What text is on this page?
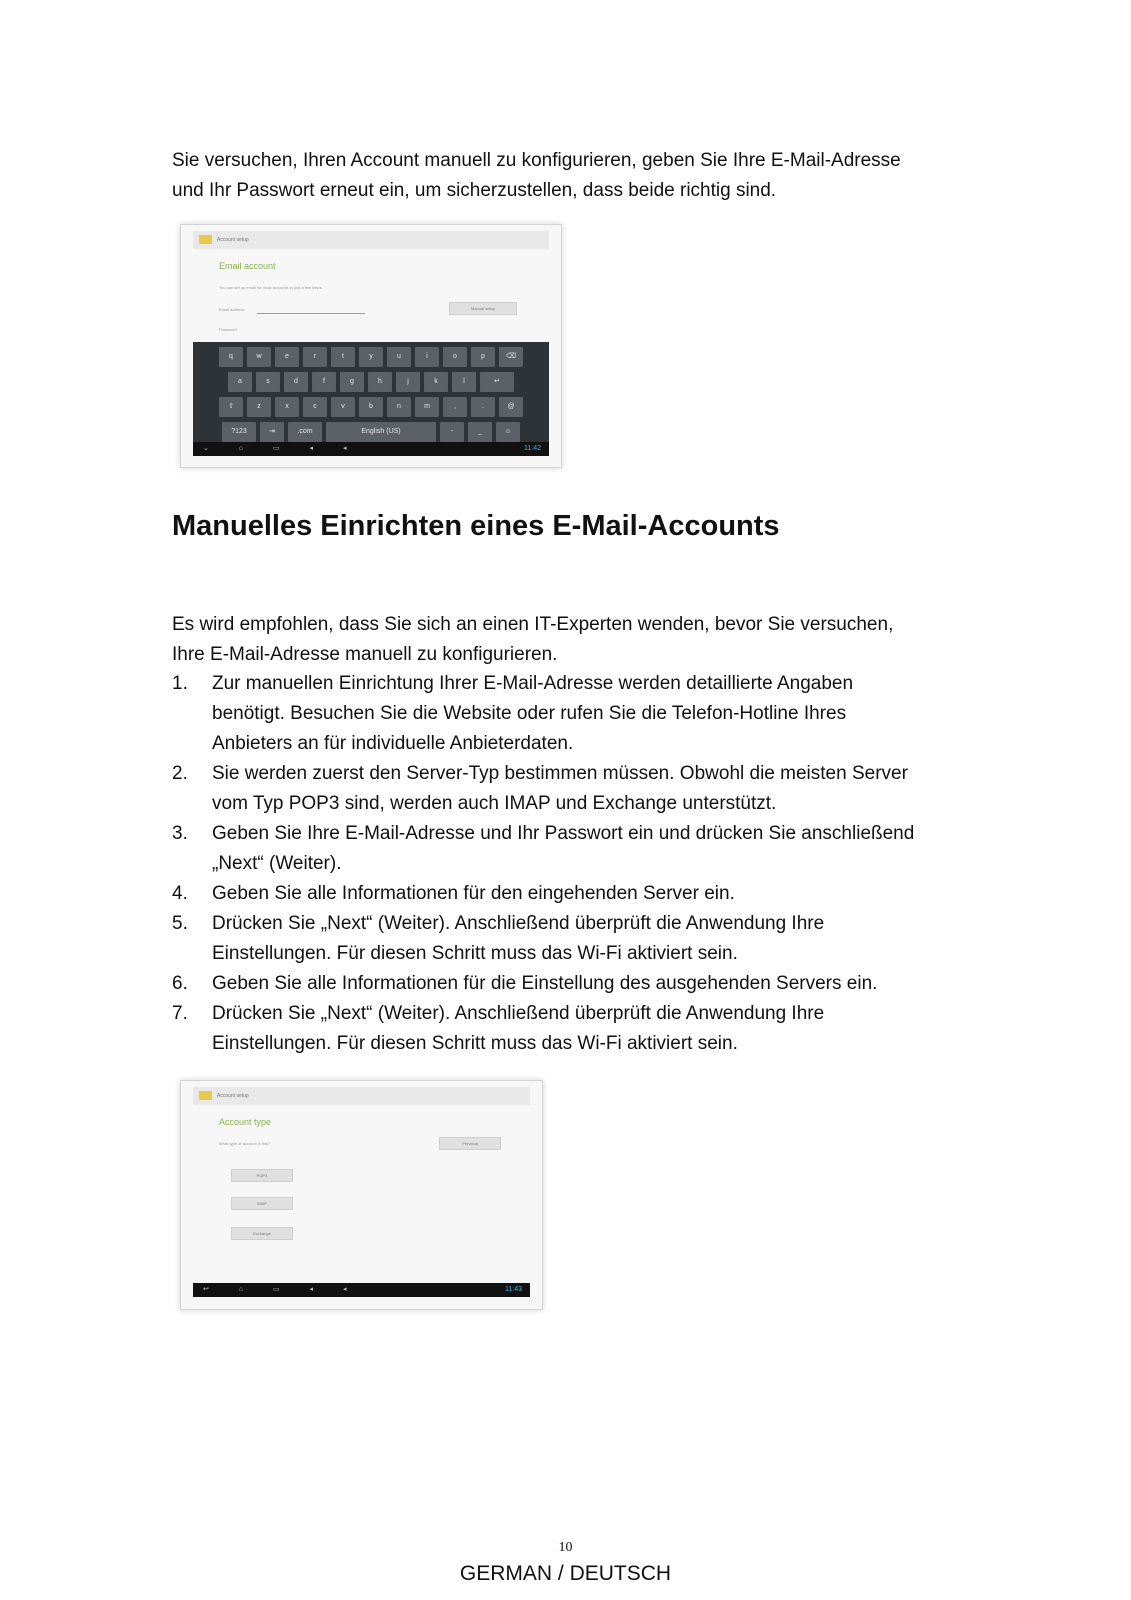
Sie versuchen, Ihren Account manuell zu konfigurieren, geben Sie Ihre E-Mail-Adresse
und Ihr Passwort erneut ein, um sicherzustellen, dass beide richtig sind.

Account setup
Email account
You can set up email for most accounts in just a few steps.
Email address	Manual setup
Password
q	w	e	r	t	y	u	i	o	p	⌫
a	s	d	f	g	h	j	k	l	↵
⇧	z	x	c	v	b	n	m	,	.	@
?123	⇥	.com	English (US)	-	_	☺
⌄ ⌂ ▭ ◂ ◂	11:42
Manuelles Einrichten eines E-Mail-Accounts

Es wird empfohlen, dass Sie sich an einen IT-Experten wenden, bevor Sie versuchen,
Ihre E-Mail-Adresse manuell zu konfigurieren.

1. Zur manuellen Einrichtung Ihrer E-Mail-Adresse werden detaillierte Angaben
benötigt. Besuchen Sie die Website oder rufen Sie die Telefon-Hotline Ihres
Anbieters an für individuelle Anbieterdaten.
2. Sie werden zuerst den Server-Typ bestimmen müssen. Obwohl die meisten Server
vom Typ POP3 sind, werden auch IMAP und Exchange unterstützt.
3. Geben Sie Ihre E-Mail-Adresse und Ihr Passwort ein und drücken Sie anschließend
„Next“ (Weiter).
4. Geben Sie alle Informationen für den eingehenden Server ein.
5. Drücken Sie „Next“ (Weiter). Anschließend überprüft die Anwendung Ihre
Einstellungen. Für diesen Schritt muss das Wi-Fi aktiviert sein.
6. Geben Sie alle Informationen für die Einstellung des ausgehenden Servers ein.
7. Drücken Sie „Next“ (Weiter). Anschließend überprüft die Anwendung Ihre
Einstellungen. Für diesen Schritt muss das Wi-Fi aktiviert sein.
Account setup
Account type
What type of account is this?	Previous
POP3
IMAP
Exchange
↩ ⌂ ▭ ◂ ◂	11:43
10
GERMAN / DEUTSCH
